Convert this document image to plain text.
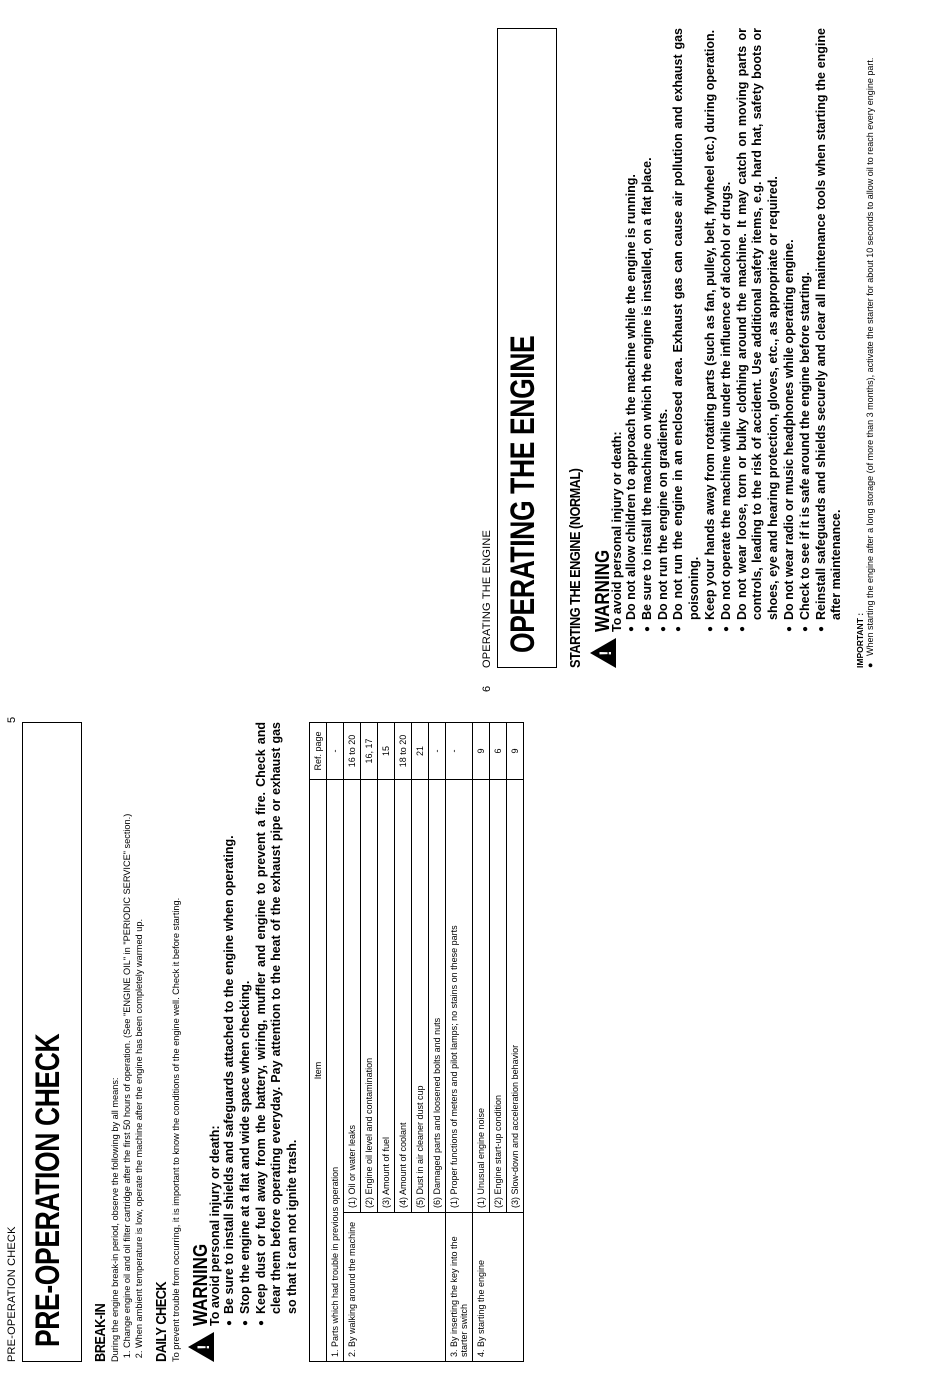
PRE-OPERATION CHECK
5
PRE-OPERATION CHECK BREAK-IN During the engine break-in period, observe the following by all means: 1. Change engine oil and oil filter cartridge after the first 50 hours of operation. (See "ENGINE OIL" in "PERIODIC SERVICE" section.) 2. When ambient temperature is low, operate the machine after the engine has been completely warmed up. DAILY CHECK To prevent trouble from occurring, it is important to know the conditions of the engine well. Check it before starting. !
WARNING
To avoid personal injury or death: ● Be sure to install shields and safeguards attached to the engine when operating. ● Stop the engine at a flat and wide space when checking. ● Keep dust or fuel away from the battery, wiring, muffler and engine to prevent a fire. Check and clear them before operating everyday. Pay attention to the heat of the exhaust pipe or exhaust gas so that it can not ignite trash.
Item		Ref. page
1. Parts which had trouble in previous operation		-
2. By walking around the machine	(1) Oil or water leaks	16 to 20
	(2) Engine oil level and contamination	16, 17
	(3) Amount of fuel	15
	(4) Amount of coolant	18 to 20
	(5) Dust in air cleaner dust cup	21
	(6) Damaged parts and loosened bolts and nuts	-
3. By inserting the key into the starter switch	(1) Proper functions of meters and pilot lamps; no stains on these parts	-
4. By starting the engine	(1) Unusual engine noise	9
	(2) Engine start-up condition	6
	(3) Slow-down and acceleration behavior	9
6
OPERATING THE ENGINE OPERATING THE ENGINE STARTING THE ENGINE (NORMAL) !
WARNING
To avoid personal injury or death: ● Do not allow children to approach the machine while the engine is running. ● Be sure to install the machine on which the engine is installed, on a flat place. ● Do not run the engine on gradients. ● Do not run the engine in an enclosed area. Exhaust gas can cause air pollution and exhaust gas poisoning. ● Keep your hands away from rotating parts (such as fan, pulley, belt, flywheel etc.) during operation. ● Do not operate the machine while under the influence of alcohol or drugs. ● Do not wear loose, torn or bulky clothing around the machine. It may catch on moving parts or controls, leading to the risk of accident. Use additional safety items, e.g. hard hat, safety boots or shoes, eye and hearing protection, gloves, etc., as appropriate or required. ● Do not wear radio or music headphones while operating engine. ● Check to see if it is safe around the engine before starting. ● Reinstall safeguards and shields securely and clear all maintenance tools when starting the engine after maintenance.
IMPORTANT : ● When starting the engine after a long storage (of more than 3 months), activate the starter for about 10 seconds to allow oil to reach every engine part.
